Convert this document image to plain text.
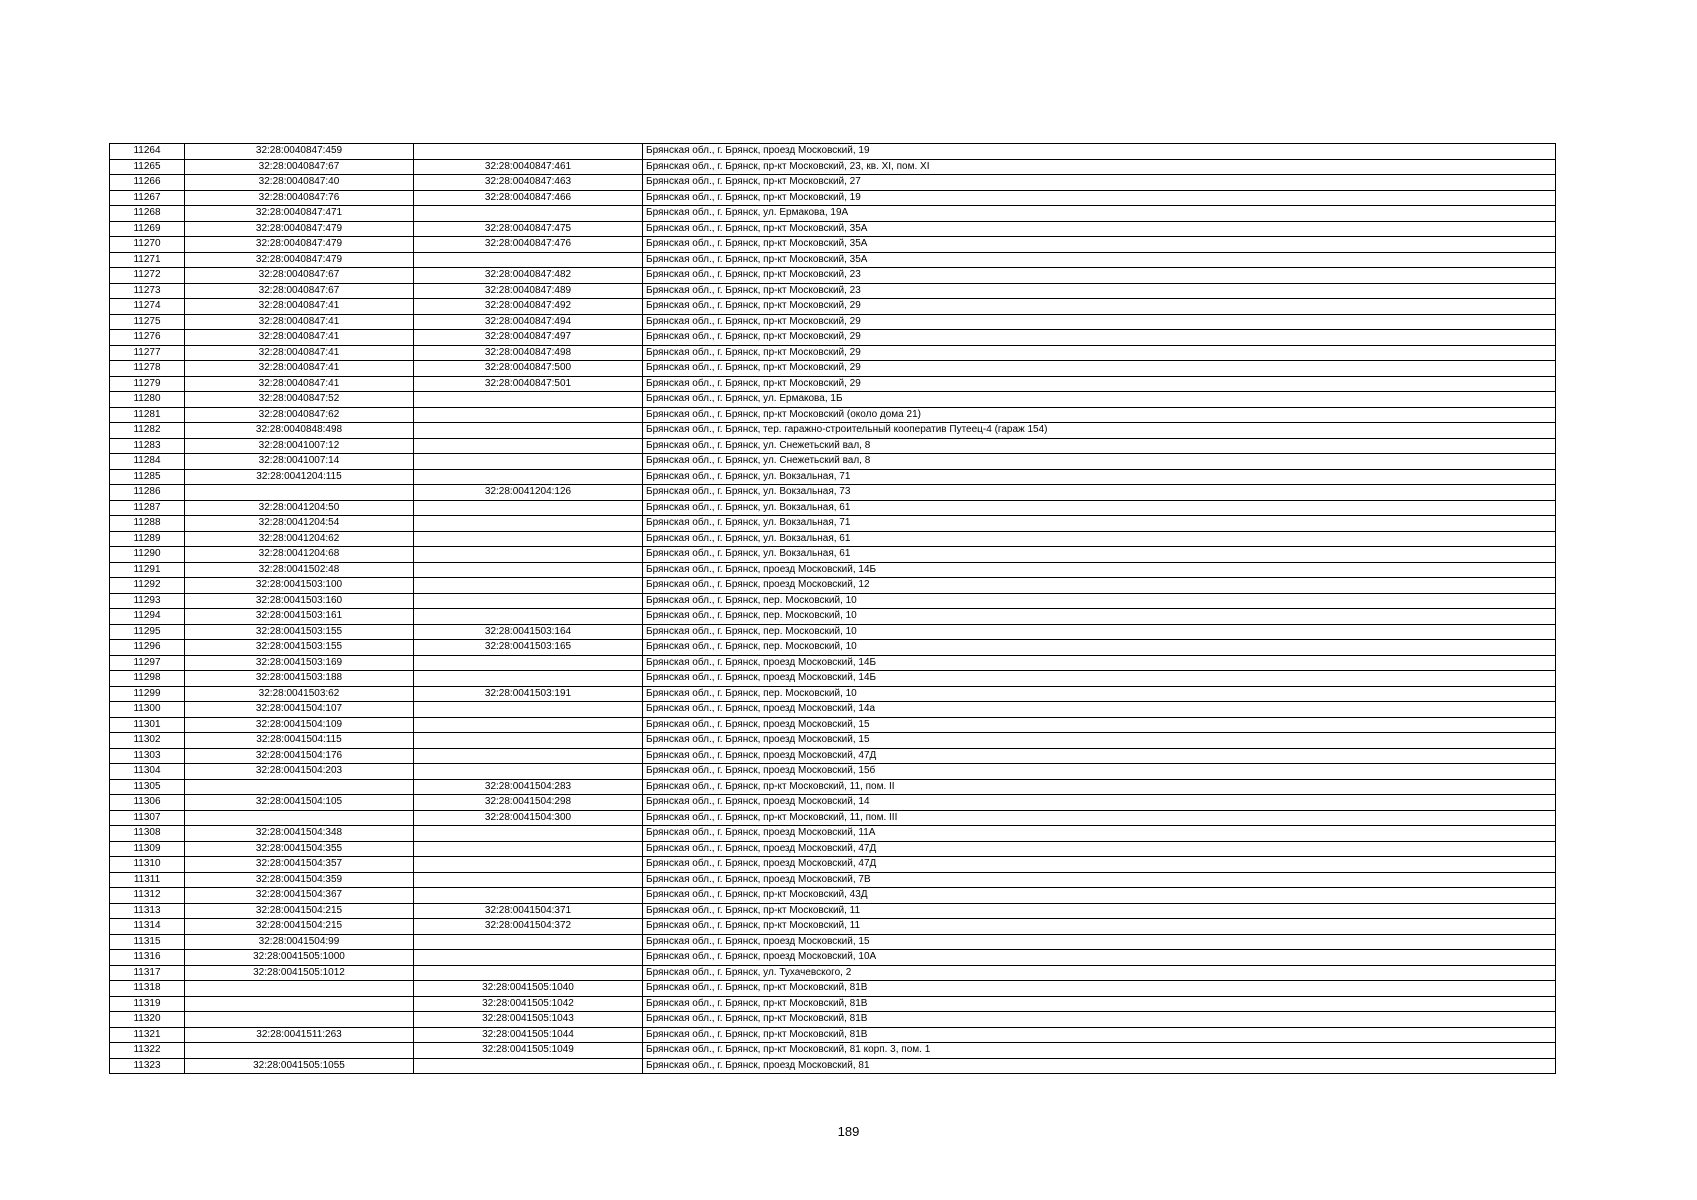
11264	32:28:0040847:459		Брянская обл., г. Брянск, проезд Московский, 19
11265	32:28:0040847:67	32:28:0040847:461	Брянская обл., г. Брянск, пр-кт Московский, 23, кв. XI, пом. XI
11266	32:28:0040847:40	32:28:0040847:463	Брянская обл., г. Брянск, пр-кт Московский, 27
11267	32:28:0040847:76	32:28:0040847:466	Брянская обл., г. Брянск, пр-кт Московский, 19
11268	32:28:0040847:471		Брянская обл., г. Брянск, ул. Ермакова, 19А
11269	32:28:0040847:479	32:28:0040847:475	Брянская обл., г. Брянск, пр-кт Московский, 35А
11270	32:28:0040847:479	32:28:0040847:476	Брянская обл., г. Брянск, пр-кт Московский, 35А
11271	32:28:0040847:479		Брянская обл., г. Брянск, пр-кт Московский, 35А
11272	32:28:0040847:67	32:28:0040847:482	Брянская обл., г. Брянск, пр-кт Московский, 23
11273	32:28:0040847:67	32:28:0040847:489	Брянская обл., г. Брянск, пр-кт Московский, 23
11274	32:28:0040847:41	32:28:0040847:492	Брянская обл., г. Брянск, пр-кт Московский, 29
11275	32:28:0040847:41	32:28:0040847:494	Брянская обл., г. Брянск, пр-кт Московский, 29
11276	32:28:0040847:41	32:28:0040847:497	Брянская обл., г. Брянск, пр-кт Московский, 29
11277	32:28:0040847:41	32:28:0040847:498	Брянская обл., г. Брянск, пр-кт Московский, 29
11278	32:28:0040847:41	32:28:0040847:500	Брянская обл., г. Брянск, пр-кт Московский, 29
11279	32:28:0040847:41	32:28:0040847:501	Брянская обл., г. Брянск, пр-кт Московский, 29
11280	32:28:0040847:52		Брянская обл., г. Брянск, ул. Ермакова, 1Б
11281	32:28:0040847:62		Брянская обл., г. Брянск, пр-кт Московский (около дома 21)
11282	32:28:0040848:498		Брянская обл., г. Брянск, тер. гаражно-строительный кооператив Путеец-4 (гараж 154)
11283	32:28:0041007:12		Брянская обл., г. Брянск, ул. Снежетьский вал, 8
11284	32:28:0041007:14		Брянская обл., г. Брянск, ул. Снежетьский вал, 8
11285	32:28:0041204:115		Брянская обл., г. Брянск, ул. Вокзальная, 71
11286		32:28:0041204:126	Брянская обл., г. Брянск, ул. Вокзальная, 73
11287	32:28:0041204:50		Брянская обл., г. Брянск, ул. Вокзальная, 61
11288	32:28:0041204:54		Брянская обл., г. Брянск, ул. Вокзальная, 71
11289	32:28:0041204:62		Брянская обл., г. Брянск, ул. Вокзальная, 61
11290	32:28:0041204:68		Брянская обл., г. Брянск, ул. Вокзальная, 61
11291	32:28:0041502:48		Брянская обл., г. Брянск, проезд Московский, 14Б
11292	32:28:0041503:100		Брянская обл., г. Брянск, проезд Московский, 12
11293	32:28:0041503:160		Брянская обл., г. Брянск, пер. Московский, 10
11294	32:28:0041503:161		Брянская обл., г. Брянск, пер. Московский, 10
11295	32:28:0041503:155	32:28:0041503:164	Брянская обл., г. Брянск, пер. Московский, 10
11296	32:28:0041503:155	32:28:0041503:165	Брянская обл., г. Брянск, пер. Московский, 10
11297	32:28:0041503:169		Брянская обл., г. Брянск, проезд Московский, 14Б
11298	32:28:0041503:188		Брянская обл., г. Брянск, проезд Московский, 14Б
11299	32:28:0041503:62	32:28:0041503:191	Брянская обл., г. Брянск, пер. Московский, 10
11300	32:28:0041504:107		Брянская обл., г. Брянск, проезд Московский, 14а
11301	32:28:0041504:109		Брянская обл., г. Брянск, проезд Московский, 15
11302	32:28:0041504:115		Брянская обл., г. Брянск, проезд Московский, 15
11303	32:28:0041504:176		Брянская обл., г. Брянск, проезд Московский, 47Д
11304	32:28:0041504:203		Брянская обл., г. Брянск, проезд Московский, 15б
11305		32:28:0041504:283	Брянская обл., г. Брянск, пр-кт Московский, 11, пом. II
11306	32:28:0041504:105	32:28:0041504:298	Брянская обл., г. Брянск, проезд Московский, 14
11307		32:28:0041504:300	Брянская обл., г. Брянск, пр-кт Московский, 11, пом. III
11308	32:28:0041504:348		Брянская обл., г. Брянск, проезд Московский, 11А
11309	32:28:0041504:355		Брянская обл., г. Брянск, проезд Московский, 47Д
11310	32:28:0041504:357		Брянская обл., г. Брянск, проезд Московский, 47Д
11311	32:28:0041504:359		Брянская обл., г. Брянск, проезд Московский, 7В
11312	32:28:0041504:367		Брянская обл., г. Брянск, пр-кт Московский, 43Д
11313	32:28:0041504:215	32:28:0041504:371	Брянская обл., г. Брянск, пр-кт Московский, 11
11314	32:28:0041504:215	32:28:0041504:372	Брянская обл., г. Брянск, пр-кт Московский, 11
11315	32:28:0041504:99		Брянская обл., г. Брянск, проезд Московский, 15
11316	32:28:0041505:1000		Брянская обл., г. Брянск, проезд Московский, 10А
11317	32:28:0041505:1012		Брянская обл., г. Брянск, ул. Тухачевского, 2
11318		32:28:0041505:1040	Брянская обл., г. Брянск, пр-кт Московский, 81В
11319		32:28:0041505:1042	Брянская обл., г. Брянск, пр-кт Московский, 81В
11320		32:28:0041505:1043	Брянская обл., г. Брянск, пр-кт Московский, 81В
11321	32:28:0041511:263	32:28:0041505:1044	Брянская обл., г. Брянск, пр-кт Московский, 81В
11322		32:28:0041505:1049	Брянская обл., г. Брянск, пр-кт Московский, 81 корп. 3, пом. 1
11323	32:28:0041505:1055		Брянская обл., г. Брянск, проезд Московский, 81
189
